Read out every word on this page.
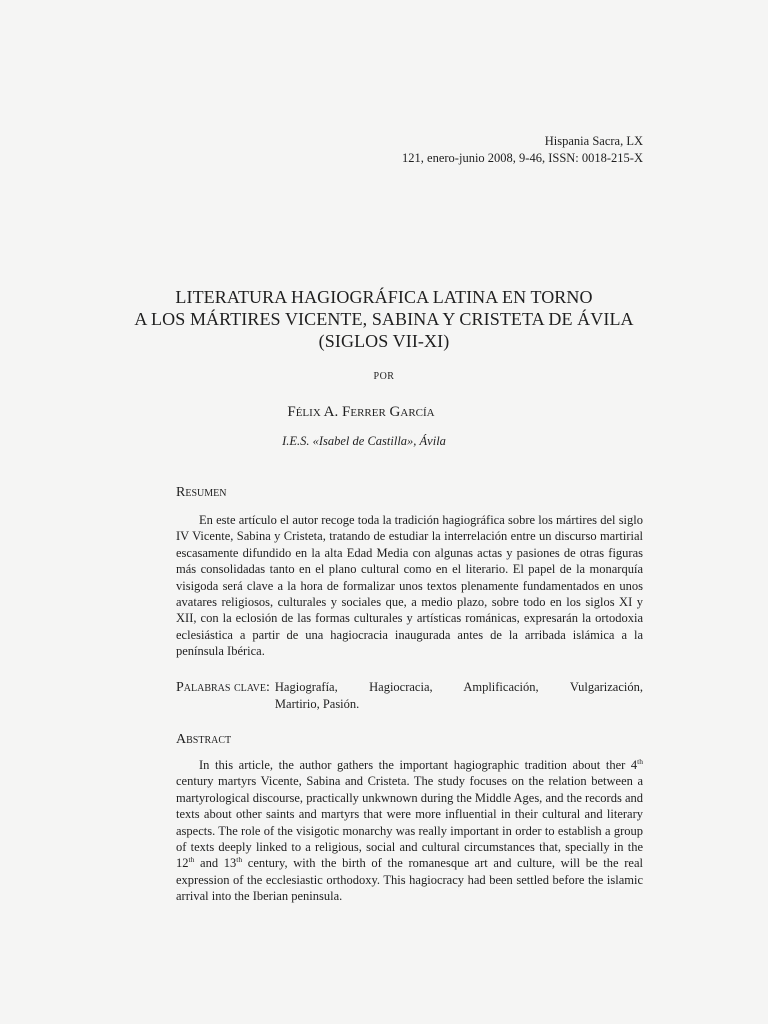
Hispania Sacra, LX
121, enero-junio 2008, 9-46, ISSN: 0018-215-X
LITERATURA HAGIOGRÁFICA LATINA EN TORNO
A LOS MÁRTIRES VICENTE, SABINA Y CRISTETA DE ÁVILA
(SIGLOS VII-XI)
POR
Félix A. Ferrer García
I.E.S. «Isabel de Castilla», Ávila
Resumen

En este artículo el autor recoge toda la tradición hagiográfica sobre los mártires del siglo IV Vicente, Sabina y Cristeta, tratando de estudiar la interrelación entre un discurso martirial escasamente difundido en la alta Edad Media con algunas actas y pasiones de otras figuras más consolidadas tanto en el plano cultural como en el literario. El papel de la monarquía visigoda será clave a la hora de formalizar unos textos plenamente fundamentados en unos avatares religiosos, culturales y sociales que, a medio plazo, sobre todo en los siglos XI y XII, con la eclosión de las formas culturales y artísticas románicas, expresarán la ortodoxia eclesiástica a partir de una hagiocracia inaugurada antes de la arribada islámica a la península Ibérica.

Palabras clave: Hagiografía, Hagiocracia, Amplificación, Vulgarización,
Martirio, Pasión.
Abstract

In this article, the author gathers the important hagiographic tradition about ther 4th century martyrs Vicente, Sabina and Cristeta. The study focuses on the relation between a martyrological discourse, practically unkwnown during the Middle Ages, and the records and texts about other saints and martyrs that were more influential in their cultural and literary aspects. The role of the visigotic monarchy was really important in order to establish a group of texts deeply linked to a religious, social and cultural circumstances that, specially in the 12th and 13th century, with the birth of the romanesque art and culture, will be the real expression of the ecclesiastic orthodoxy. This hagiocracy had been settled before the islamic arrival into the Iberian peninsula.
